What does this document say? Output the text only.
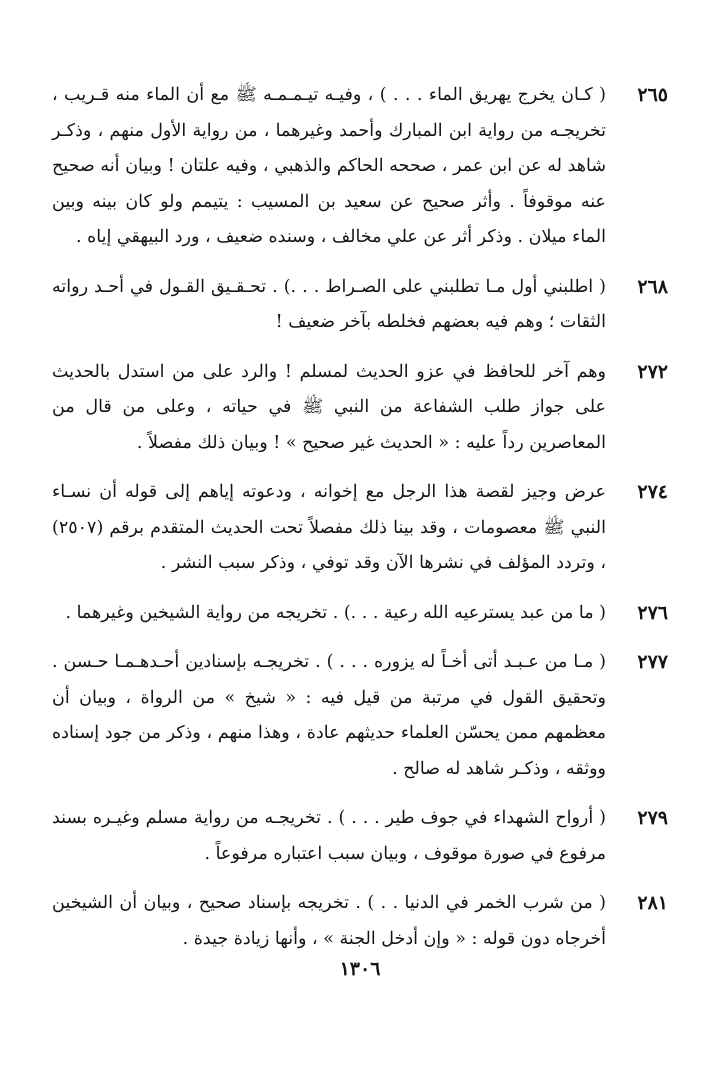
٢٦٥
( كـان يخرج يهريق الماء . . . ) ، وفيـه تيـمـمـه ﷺ مع أن الماء منه قـريب ، تخريجـه من رواية ابن المبارك وأحمد وغيرهما ، من رواية الأول منهم ، وذكـر شاهد له عن ابن عمر ، صححه الحاكم والذهبي ، وفيه علتان ! وبيان أنه صحيح عنه موقوفاً . وأثر صحيح عن سعيد بن المسيب : يتيمم ولو كان بينه وبين الماء ميلان . وذكر أثر عن علي مخالف ، وسنده ضعيف ، ورد البيهقي إياه .
٢٦٨
( اطلبني أول مـا تطلبني على الصـراط . . .) . تحـقـيق القـول في أحـد رواته الثقات ؛ وهم فيه بعضهم فخلطه بآخر ضعيف !
٢٧٢
وهم آخر للحافظ في عزو الحديث لمسلم ! والرد على من استدل بالحديث على جواز طلب الشفاعة من النبي ﷺ في حياته ، وعلى من قال من المعاصرين رداً عليه : « الحديث غير صحيح » ! وبيان ذلك مفصلاً .
٢٧٤
عرض وجيز لقصة هذا الرجل مع إخوانه ، ودعوته إياهم إلى قوله أن نسـاء النبي ﷺ معصومات ، وقد بينا ذلك مفصلاً تحت الحديث المتقدم برقم (٢٥٠٧) ، وتردد المؤلف في نشرها الآن وقد توفي ، وذكر سبب النشر .
٢٧٦
( ما من عبد يسترعيه الله رعية . . .) . تخريجه من رواية الشيخين وغيرهما .
٢٧٧
( مـا من عـبـد أتى أخـاً له يزوره . . . ) . تخريجـه بإسنادين أحـدهـمـا حـسن . وتحقيق القول في مرتبة من قيل فيه : « شيخ » من الرواة ، وبيان أن معظمهم ممن يحسّن العلماء حديثهم عادة ، وهذا منهم ، وذكر من جود إسناده ووثقه ، وذكـر شاهد له صالح .
٢٧٩
( أرواح الشهداء في جوف طير . . . ) . تخريجـه من رواية مسلم وغيـره بسند مرفوع في صورة موقوف ، وبيان سبب اعتباره مرفوعاً .
٢٨١
( من شرب الخمر في الدنيا . . ) . تخريجه بإسناد صحيح ، وبيان أن الشيخين أخرجاه دون قوله : « وإن أدخل الجنة » ، وأنها زيادة جيدة .
١٣٠٦
